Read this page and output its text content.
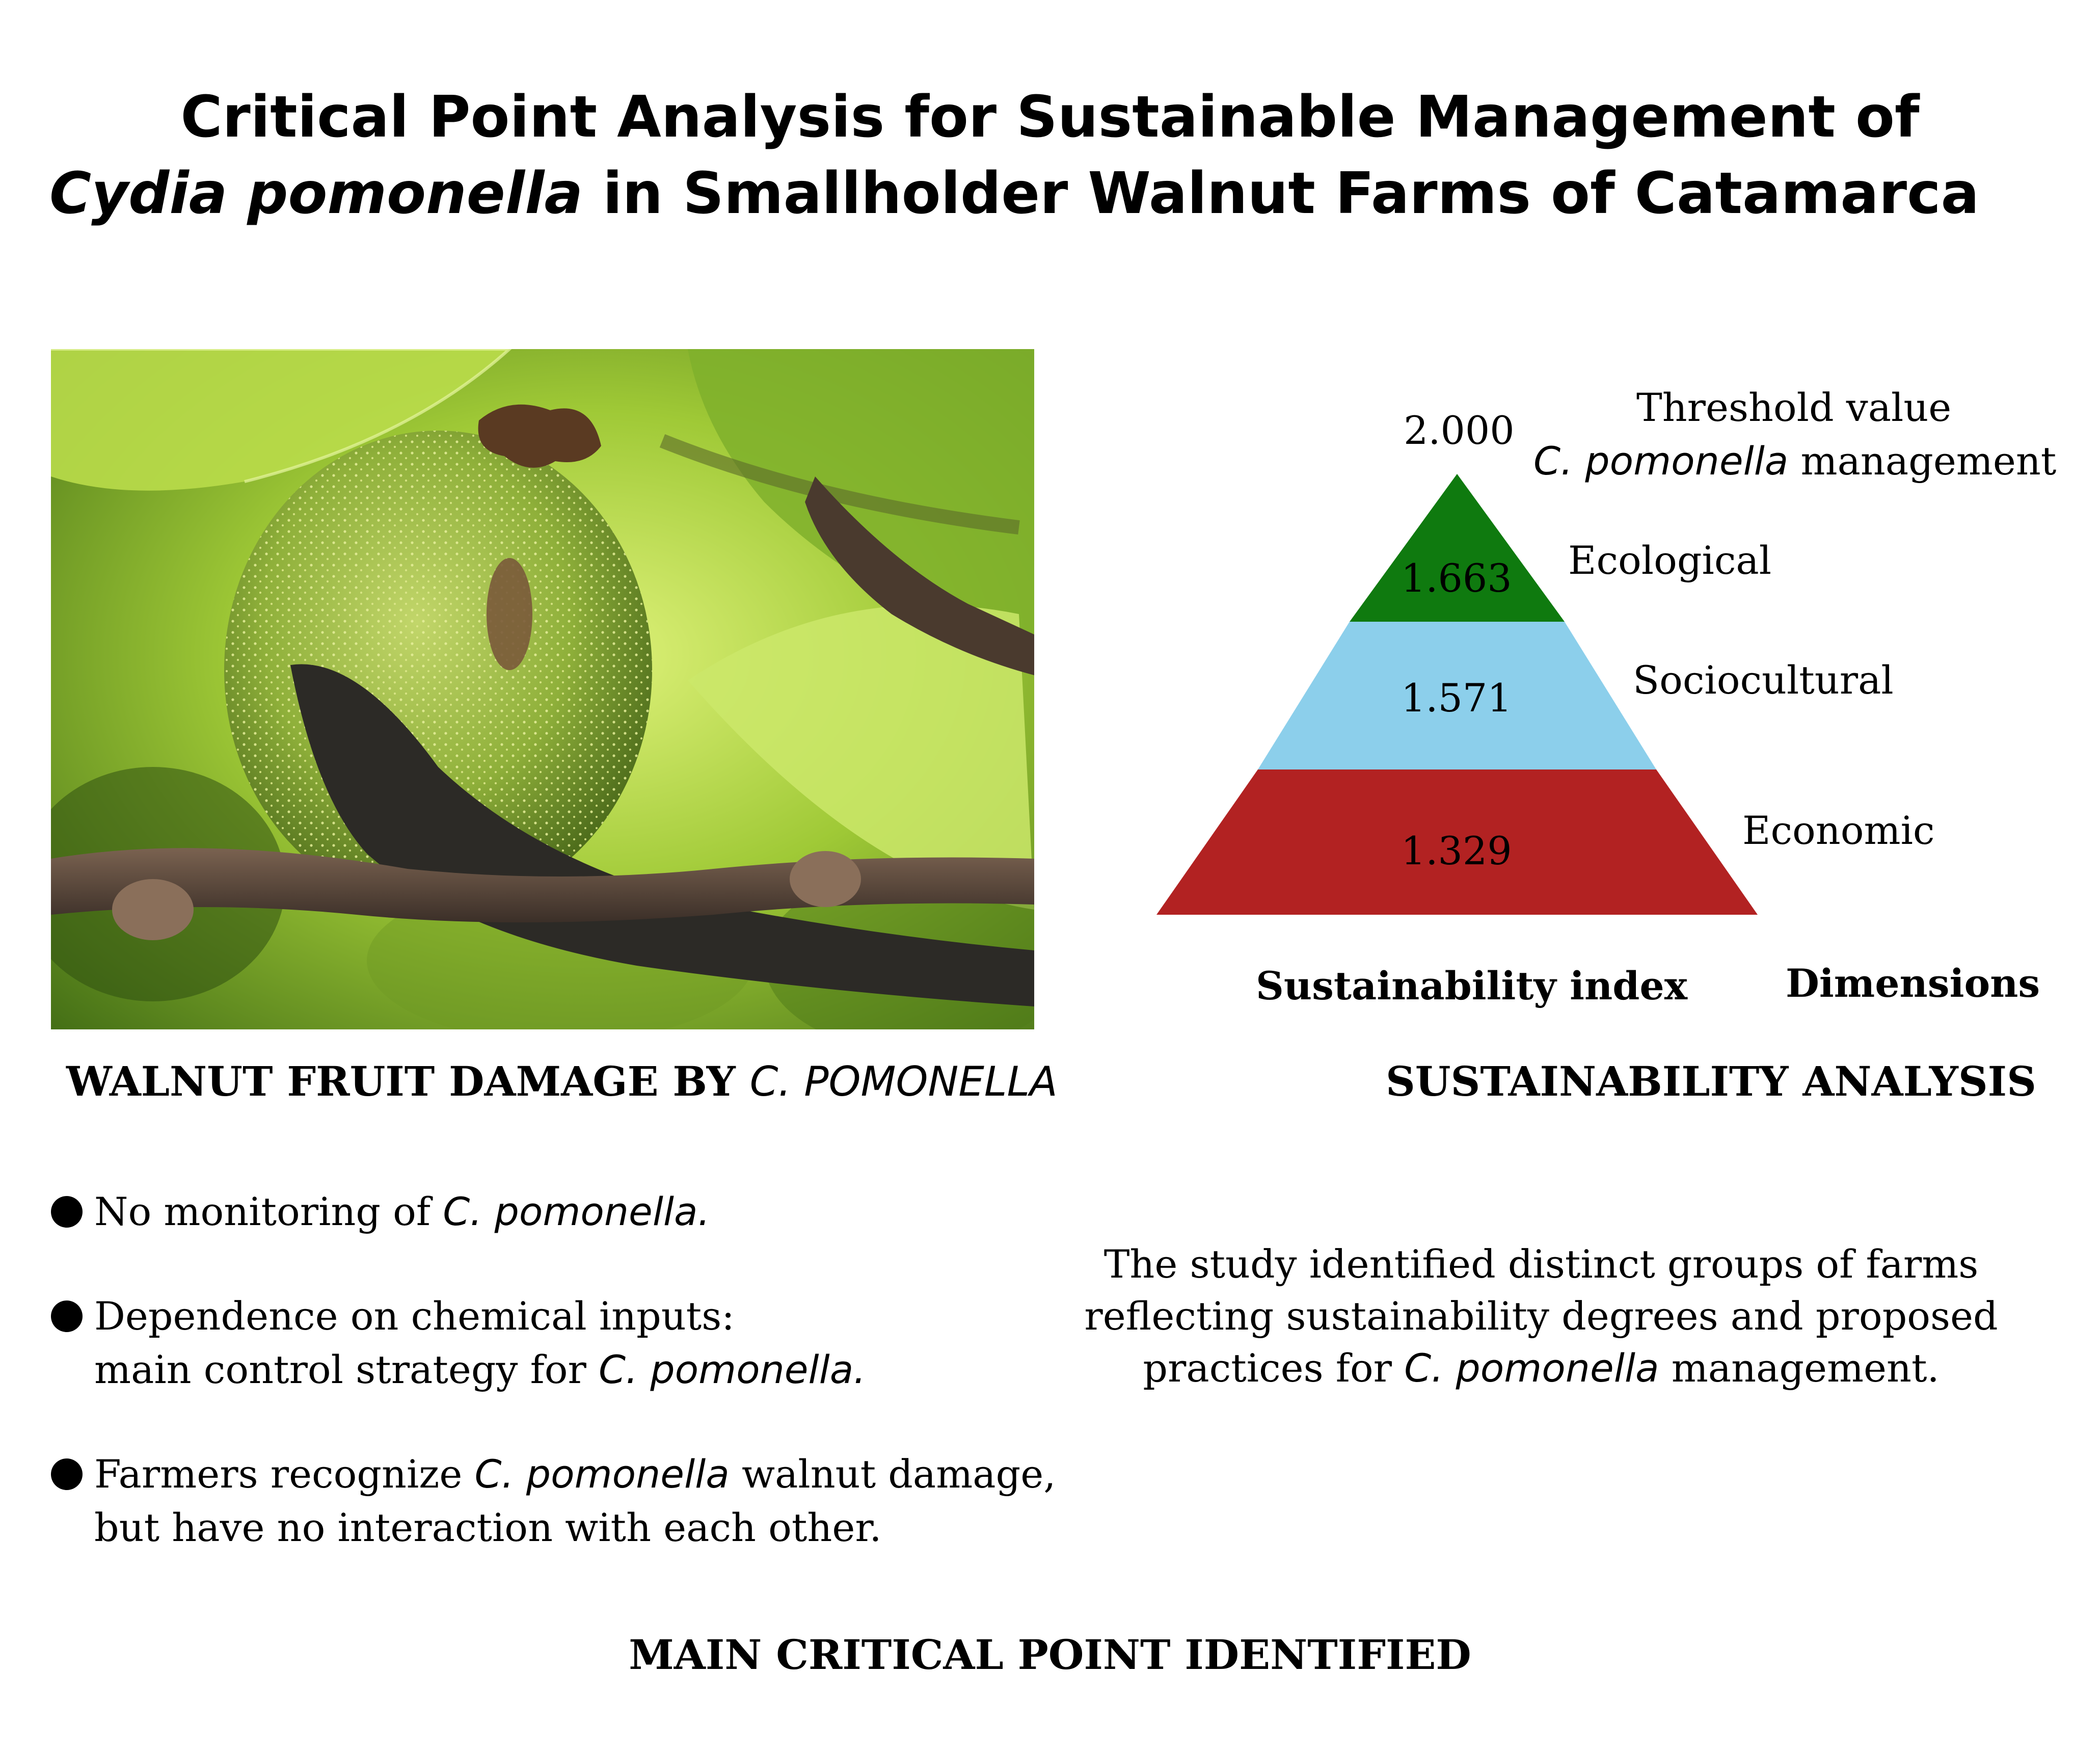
Critical Point Analysis for Sustainable Management of
Cydia pomonella in Smallholder Walnut Farms of Catamarca
WALNUT FRUIT DAMAGE BY C. POMONELLA
2.000
1.663
1.571
1.329
Threshold value
C. pomonella management
Ecological
Sociocultural
Economic
Sustainability index	Dimensions
SUSTAINABILITY ANALYSIS
No monitoring of C. pomonella.
Dependence on chemical inputs:
main control strategy for C. pomonella.
Farmers recognize C. pomonella walnut damage,
but have no interaction with each other.
The study identified distinct groups of farms
reflecting sustainability degrees and proposed
practices for C. pomonella management.
MAIN CRITICAL POINT IDENTIFIED
